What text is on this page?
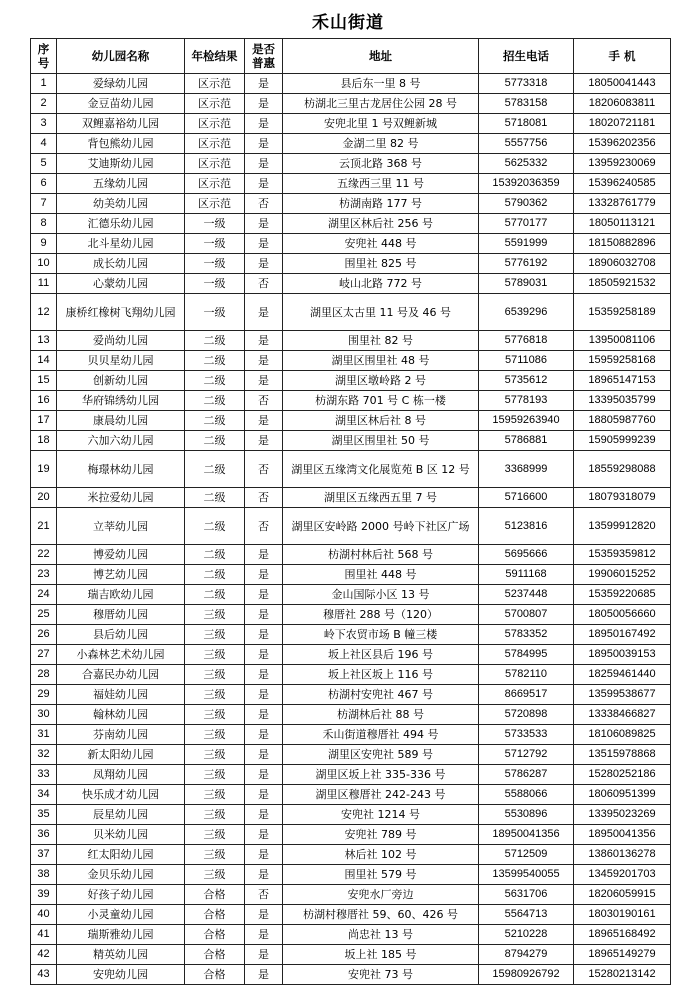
禾山街道
序号	幼儿园名称	年检结果	是否普惠	地址	招生电话	手 机
1	爱绿幼儿园	区示范	是	县后东一里 8 号	5773318	18050041443
2	金豆苗幼儿园	区示范	是	枋湖北三里古龙居住公园 28 号	5783158	18206083811
3	双鲤嘉裕幼儿园	区示范	是	安兜北里 1 号双鲤新城	5718081	18020721181
4	背包熊幼儿园	区示范	是	金湖二里 82 号	5557756	15396202356
5	艾迪斯幼儿园	区示范	是	云顶北路 368 号	5625332	13959230069
6	五缘幼儿园	区示范	是	五缘西三里 11 号	15392036359	15396240585
7	幼美幼儿园	区示范	否	枋湖南路 177 号	5790362	13328761779
8	汇德乐幼儿园	一级	是	湖里区林后社 256 号	5770177	18050113121
9	北斗星幼儿园	一级	是	安兜社 448 号	5591999	18150882896
10	成长幼儿园	一级	是	围里社 825 号	5776192	18906032708
11	心蒙幼儿园	一级	否	岐山北路 772 号	5789031	18505921532
12	康桥红橡树飞翔幼儿园	一级	是	湖里区太古里 11 号及 46 号	6539296	15359258189
13	爱尚幼儿园	二级	是	围里社 82 号	5776818	13950081106
14	贝贝星幼儿园	二级	是	湖里区围里社 48 号	5711086	15959258168
15	创新幼儿园	二级	是	湖里区墩岭路 2 号	5735612	18965147153
16	华府锦绣幼儿园	二级	否	枋湖东路 701 号 C 栋一楼	5778193	13395035799
17	康晨幼儿园	二级	是	湖里区林后社 8 号	15959263940	18805987760
18	六加六幼儿园	二级	是	湖里区围里社 50 号	5786881	15905999239
19	梅璟林幼儿园	二级	否	湖里区五缘湾文化展览苑 B 区 12 号	3368999	18559298088
20	米拉爱幼儿园	二级	否	湖里区五缘西五里 7 号	5716600	18079318079
21	立莘幼儿园	二级	否	湖里区安岭路 2000 号岭下社区广场	5123816	13599912820
22	博爱幼儿园	二级	是	枋湖村林后社 568 号	5695666	15359359812
23	博艺幼儿园	二级	是	围里社 448 号	5911168	19906015252
24	瑞吉欧幼儿园	二级	是	金山国际小区 13 号	5237448	15359220685
25	穆厝幼儿园	三级	是	穆厝社 288 号（120）	5700807	18050056660
26	县后幼儿园	三级	是	岭下农贸市场 B 幢三楼	5783352	18950167492
27	小森林艺术幼儿园	三级	是	坂上社区县后 196 号	5784995	18950039153
28	合嘉民办幼儿园	三级	是	坂上社区坂上 116 号	5782110	18259461440
29	福娃幼儿园	三级	是	枋湖村安兜社 467 号	8669517	13599538677
30	翰林幼儿园	三级	是	枋湖林后社 88 号	5720898	13338466827
31	芬南幼儿园	三级	是	禾山街道穆厝社 494 号	5733533	18106089825
32	新太阳幼儿园	三级	是	湖里区安兜社 589 号	5712792	13515978868
33	凤翔幼儿园	三级	是	湖里区坂上社 335-336 号	5786287	15280252186
34	快乐成才幼儿园	三级	是	湖里区穆厝社 242-243 号	5588066	18060951399
35	辰星幼儿园	三级	是	安兜社 1214 号	5530896	13395023269
36	贝米幼儿园	三级	是	安兜社 789 号	18950041356	18950041356
37	红太阳幼儿园	三级	是	林后社 102 号	5712509	13860136278
38	金贝乐幼儿园	三级	是	围里社 579 号	13599540055	13459201703
39	好孩子幼儿园	合格	否	安兜水厂旁边	5631706	18206059915
40	小灵童幼儿园	合格	是	枋湖村穆厝社 59、60、426 号	5564713	18030190161
41	瑞斯雅幼儿园	合格	是	尚忠社 13 号	5210228	18965168492
42	精英幼儿园	合格	是	坂上社 185 号	8794279	18965149279
43	安兜幼儿园	合格	是	安兜社 73 号	15980926792	15280213142
